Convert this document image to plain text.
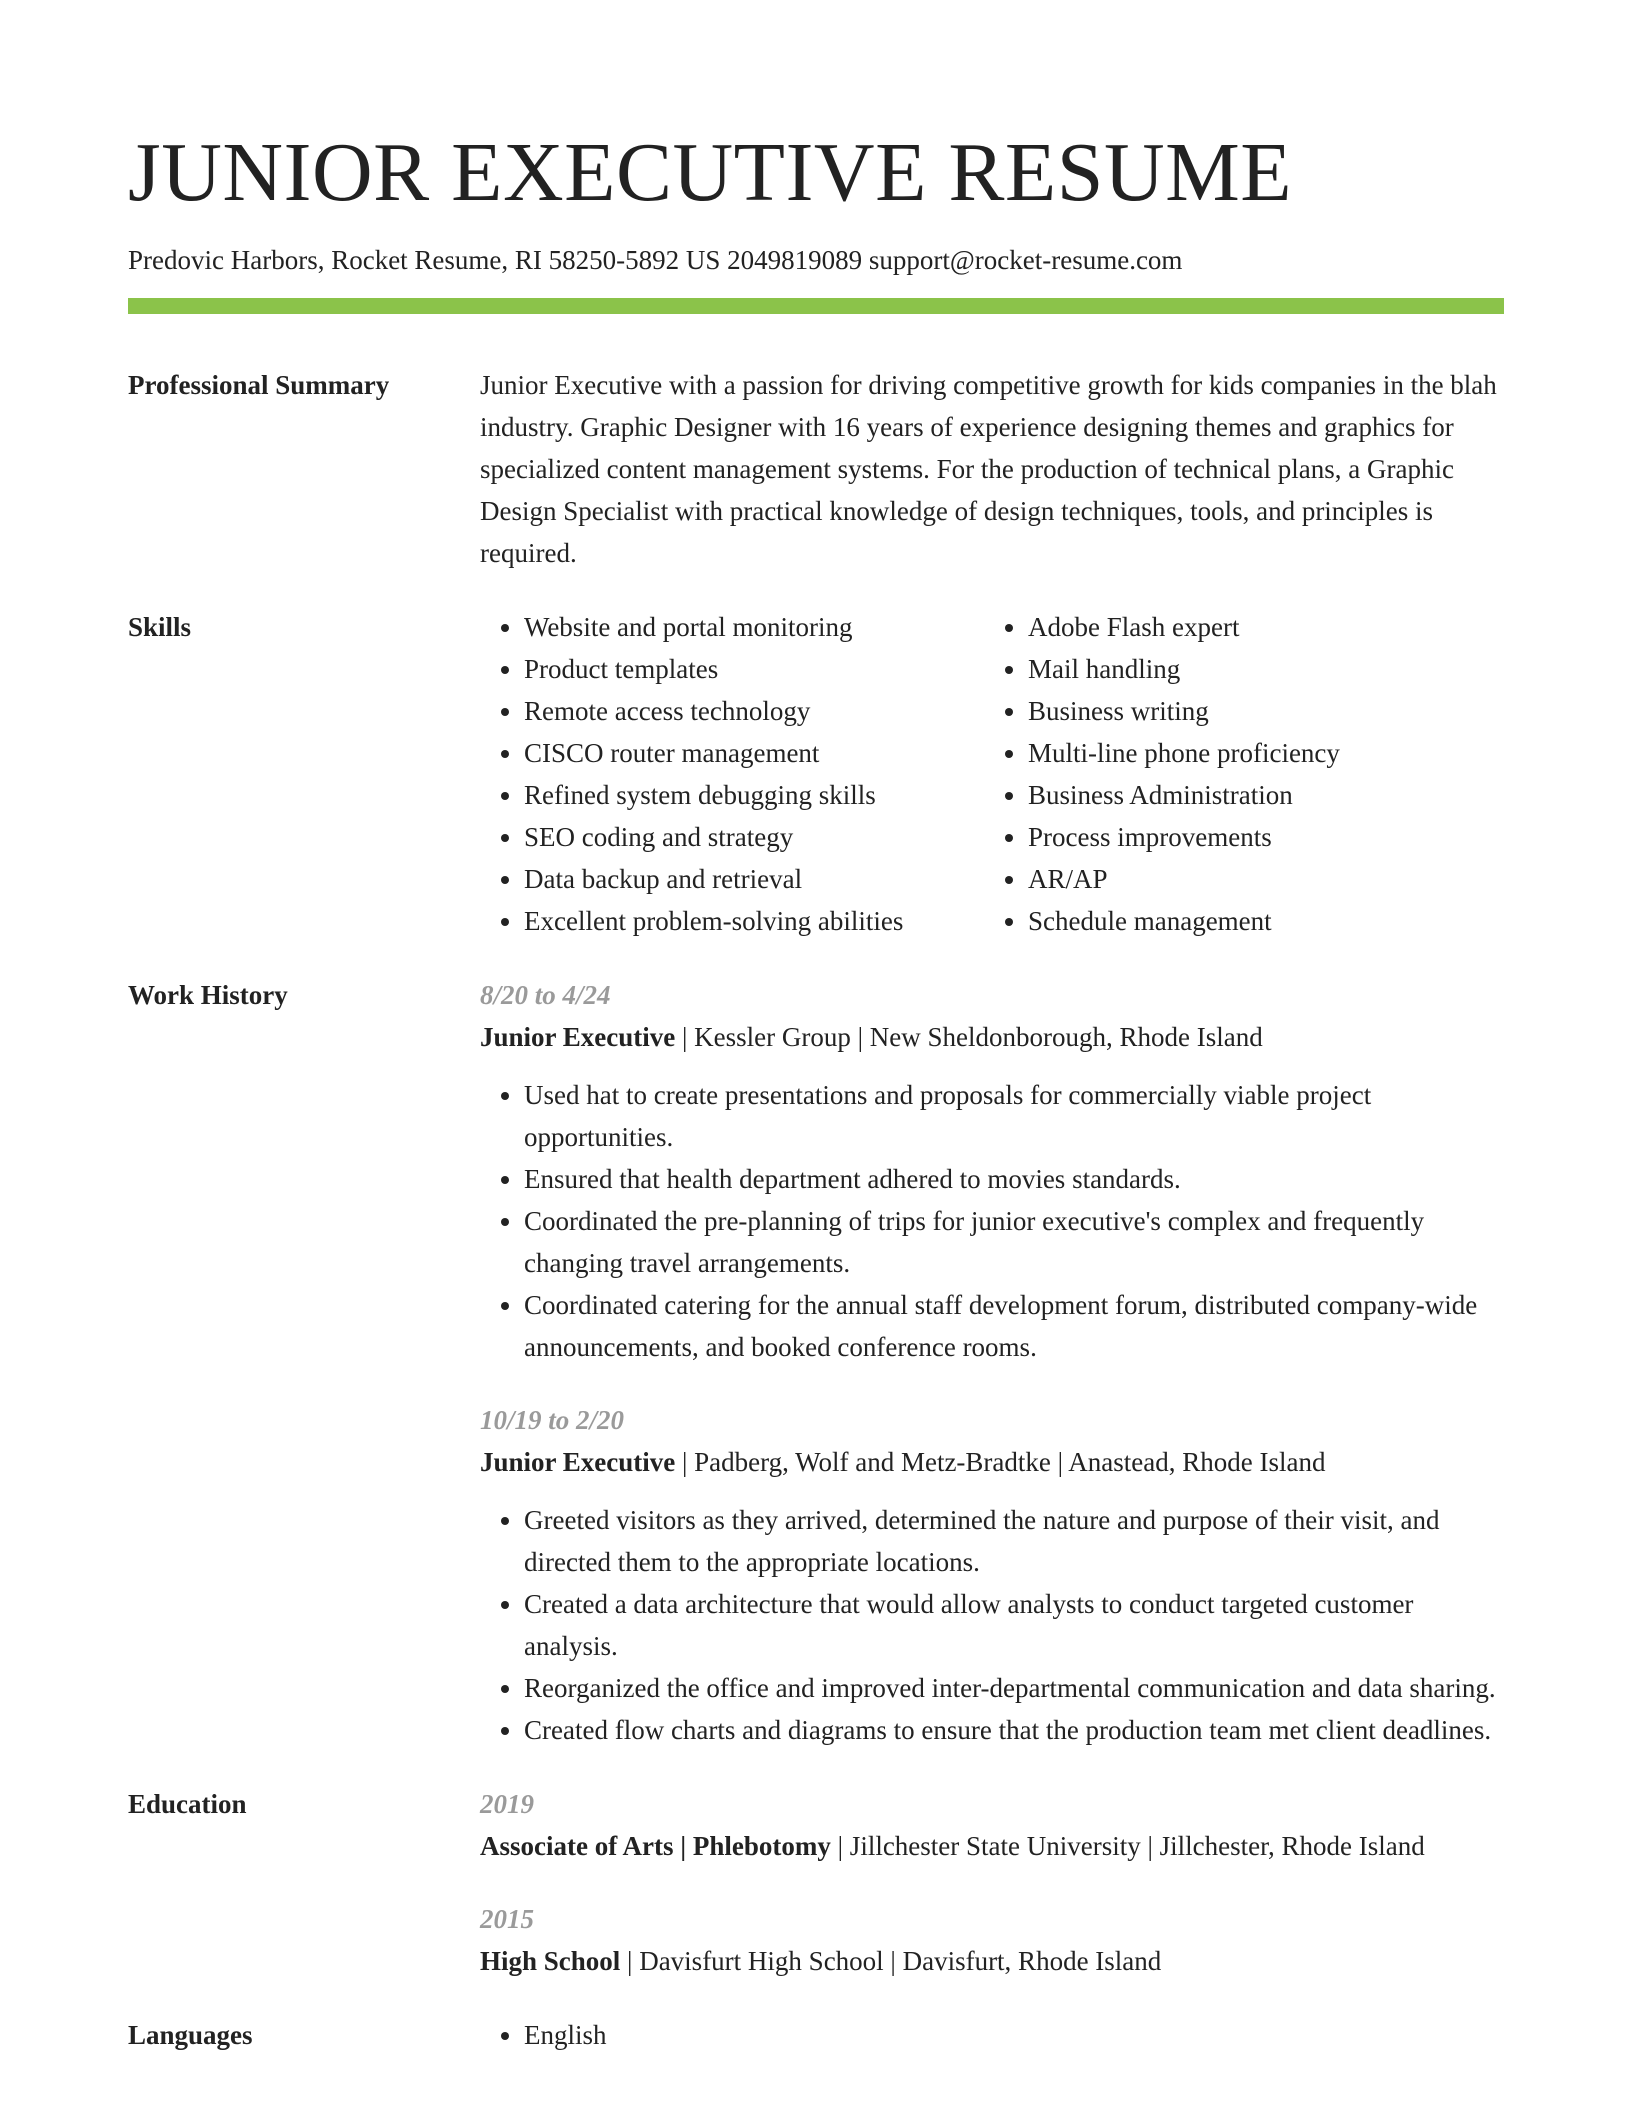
JUNIOR EXECUTIVE RESUME
Predovic Harbors, Rocket Resume, RI 58250-5892 US 2049819089 support@rocket-resume.com
Professional Summary	Junior Executive with a passion for driving competitive growth for kids companies in the blah industry. Graphic Designer with 16 years of experience designing themes and graphics for specialized content management systems. For the production of technical plans, a Graphic Design Specialist with practical knowledge of design techniques, tools, and principles is required.

Skills	• Website and portal monitoring
• Product templates
• Remote access technology
• CISCO router management
• Refined system debugging skills
• SEO coding and strategy
• Data backup and retrieval
• Excellent problem-solving abilities
• Adobe Flash expert
• Mail handling
• Business writing
• Multi-line phone proficiency
• Business Administration
• Process improvements
• AR/AP
• Schedule management
Work History	8/20 to 4/24
Junior Executive | Kessler Group | New Sheldonborough, Rhode Island
• Used hat to create presentations and proposals for commercially viable project opportunities.
• Ensured that health department adhered to movies standards.
• Coordinated the pre-planning of trips for junior executive's complex and frequently changing travel arrangements.
• Coordinated catering for the annual staff development forum, distributed company-wide announcements, and booked conference rooms.
10/19 to 2/20
Junior Executive | Padberg, Wolf and Metz-Bradtke | Anastead, Rhode Island
• Greeted visitors as they arrived, determined the nature and purpose of their visit, and directed them to the appropriate locations.
• Created a data architecture that would allow analysts to conduct targeted customer analysis.
• Reorganized the office and improved inter-departmental communication and data sharing.
• Created flow charts and diagrams to ensure that the production team met client deadlines.
Education	2019
Associate of Arts | Phlebotomy | Jillchester State University | Jillchester, Rhode Island
2015
High School | Davisfurt High School | Davisfurt, Rhode Island
Languages	• English
